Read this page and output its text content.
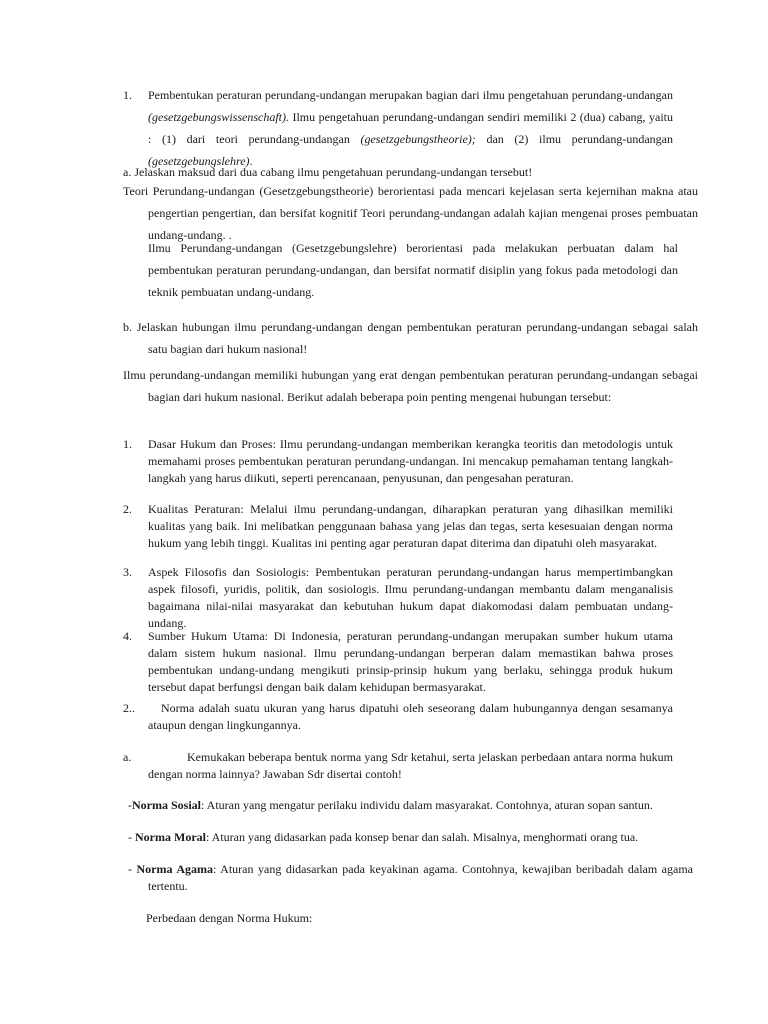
1.	Pembentukan peraturan perundang-undangan merupakan bagian dari ilmu pengetahuan perundang-undangan (gesetzgebungswissenschaft). Ilmu pengetahuan perundang-undangan sendiri memiliki 2 (dua) cabang, yaitu : (1) dari teori perundang-undangan (gesetzgebungstheorie); dan (2) ilmu perundang-undangan (gesetzgebungslehre).

a. Jelaskan maksud dari dua cabang ilmu pengetahuan perundang-undangan tersebut!

Teori Perundang-undangan (Gesetzgebungstheorie) berorientasi pada mencari kejelasan serta kejernihan makna atau pengertian pengertian, dan bersifat kognitif Teori perundang-undangan adalah kajian mengenai proses pembuatan undang-undang. .

Ilmu Perundang-undangan (Gesetzgebungslehre) berorientasi pada melakukan perbuatan dalam hal pembentukan peraturan perundang-undangan, dan bersifat normatif disiplin yang fokus pada metodologi dan teknik pembuatan undang-undang.

b. Jelaskan hubungan ilmu perundang-undangan dengan pembentukan peraturan perundang-undangan sebagai salah satu bagian dari hukum nasional!

Ilmu perundang-undangan memiliki hubungan yang erat dengan pembentukan peraturan perundang-undangan sebagai bagian dari hukum nasional. Berikut adalah beberapa poin penting mengenai hubungan tersebut:

1.	Dasar Hukum dan Proses: Ilmu perundang-undangan memberikan kerangka teoritis dan metodologis untuk memahami proses pembentukan peraturan perundang-undangan. Ini mencakup pemahaman tentang langkah-langkah yang harus diikuti, seperti perencanaan, penyusunan, dan pengesahan peraturan.
2.	Kualitas Peraturan: Melalui ilmu perundang-undangan, diharapkan peraturan yang dihasilkan memiliki kualitas yang baik. Ini melibatkan penggunaan bahasa yang jelas dan tegas, serta kesesuaian dengan norma hukum yang lebih tinggi. Kualitas ini penting agar peraturan dapat diterima dan dipatuhi oleh masyarakat.
3.	Aspek Filosofis dan Sosiologis: Pembentukan peraturan perundang-undangan harus mempertimbangkan aspek filosofi, yuridis, politik, dan sosiologis. Ilmu perundang-undangan membantu dalam menganalisis bagaimana nilai-nilai masyarakat dan kebutuhan hukum dapat diakomodasi dalam pembuatan undang-undang.
4.	Sumber Hukum Utama: Di Indonesia, peraturan perundang-undangan merupakan sumber hukum utama dalam sistem hukum nasional. Ilmu perundang-undangan berperan dalam memastikan bahwa proses pembentukan undang-undang mengikuti prinsip-prinsip hukum yang berlaku, sehingga produk hukum tersebut dapat berfungsi dengan baik dalam kehidupan bermasyarakat.
2..	Norma adalah suatu ukuran yang harus dipatuhi oleh seseorang dalam hubungannya dengan sesamanya ataupun dengan lingkungannya.
a.	Kemukakan beberapa bentuk norma yang Sdr ketahui, serta jelaskan perbedaan antara norma hukum dengan norma lainnya? Jawaban Sdr disertai contoh!
-Norma Sosial: Aturan yang mengatur perilaku individu dalam masyarakat. Contohnya, aturan sopan santun.
- Norma Moral: Aturan yang didasarkan pada konsep benar dan salah. Misalnya, menghormati orang tua.
- Norma Agama: Aturan yang didasarkan pada keyakinan agama. Contohnya, kewajiban beribadah dalam agama tertentu.

Perbedaan dengan Norma Hukum:
